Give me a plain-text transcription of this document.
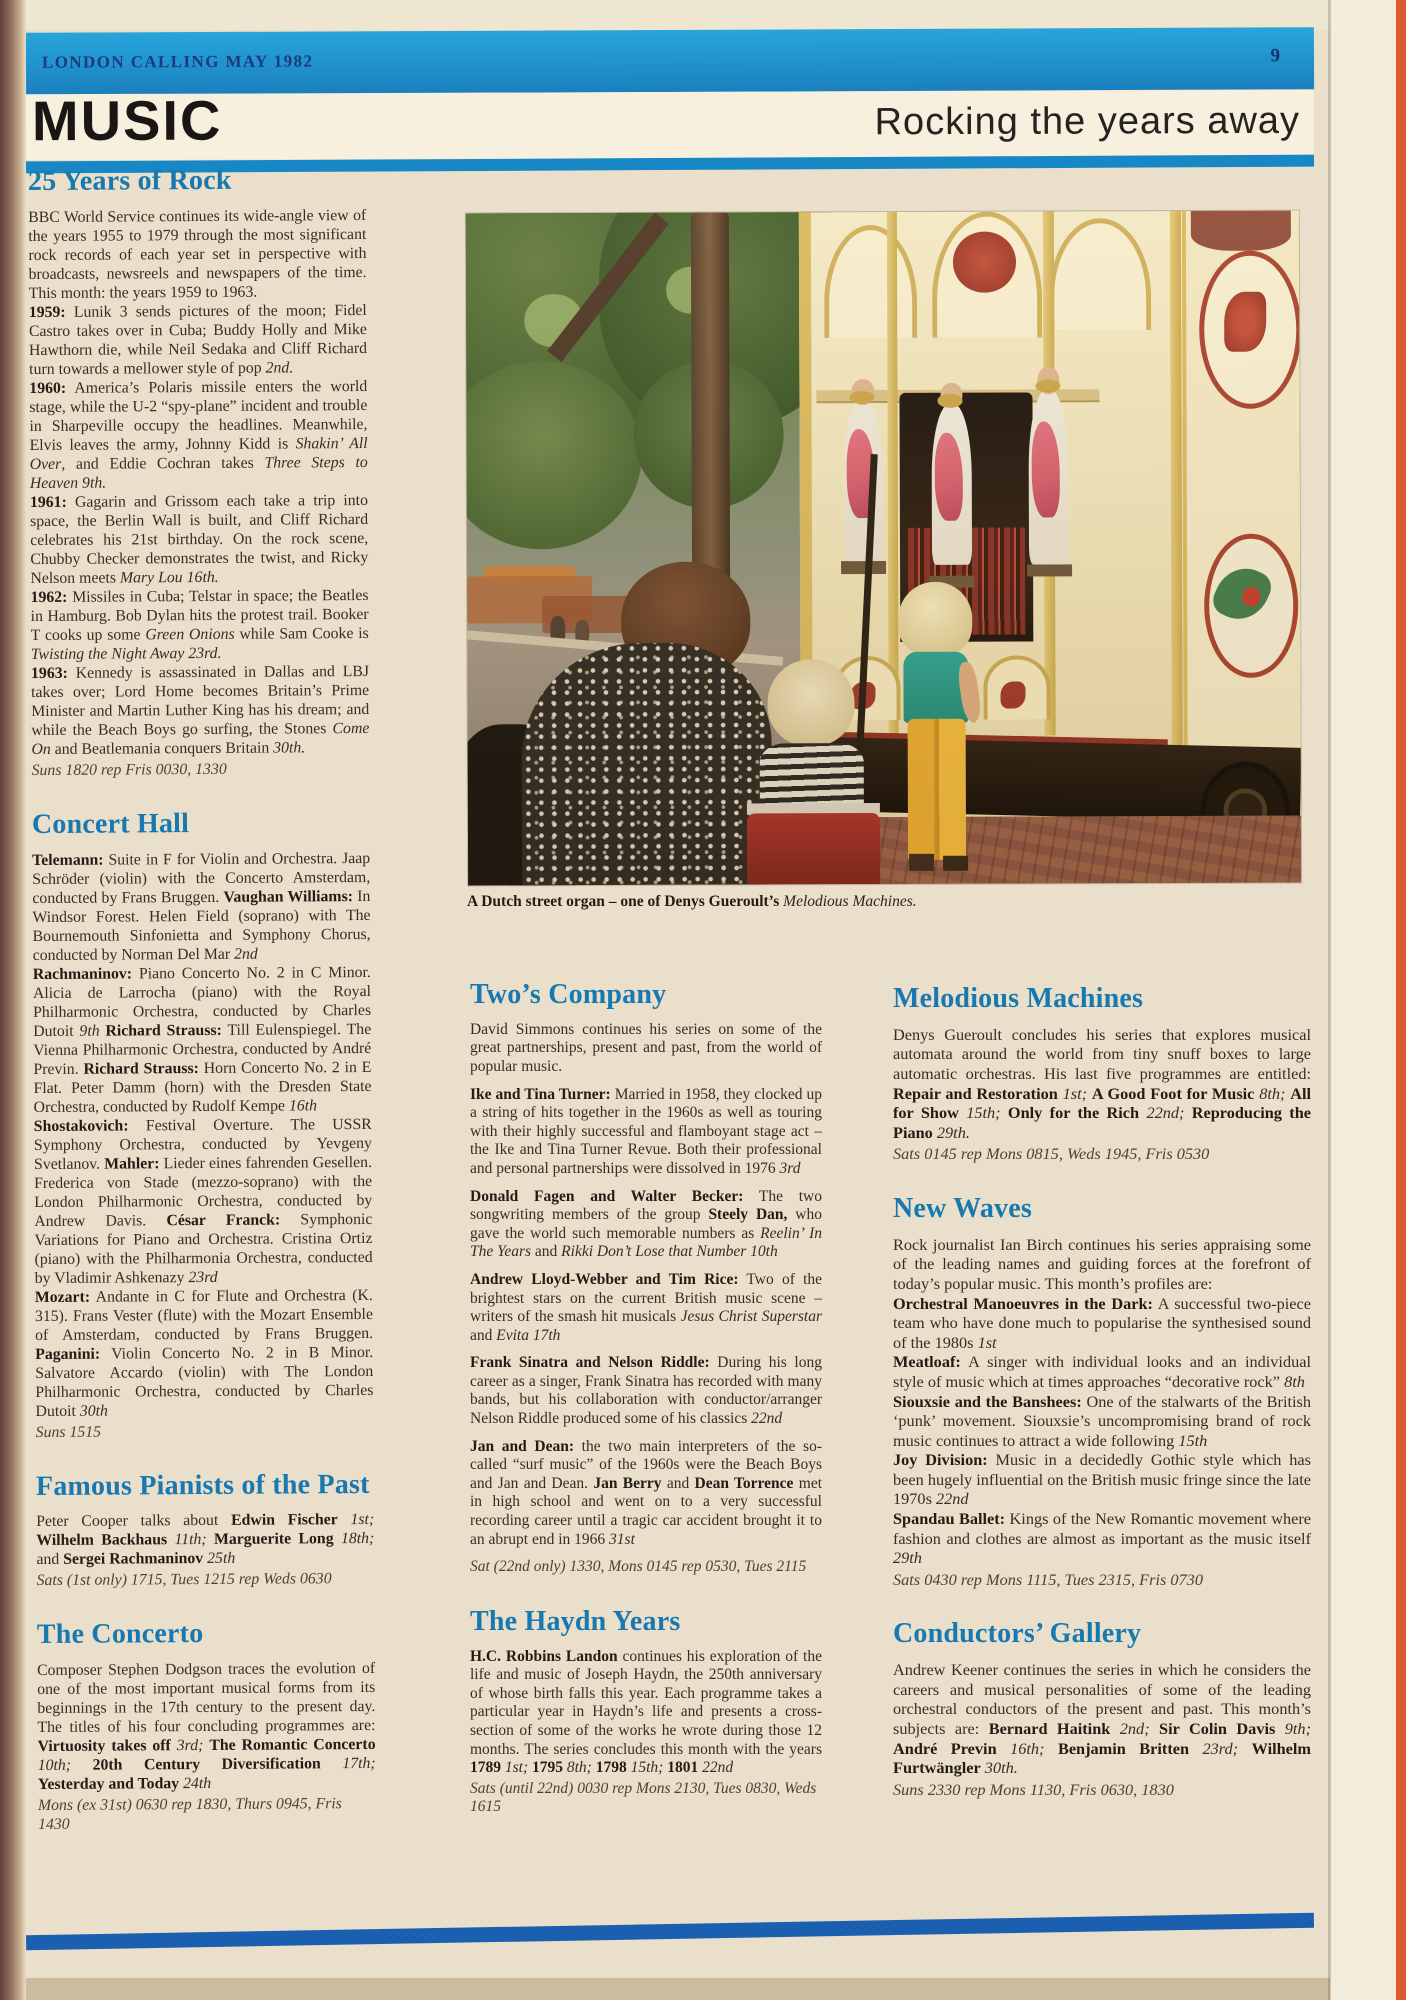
LONDON CALLING MAY 1982	9
MUSIC	Rocking the years away
A Dutch street organ – one of Denys Gueroult’s Melodious Machines.
25 Years of Rock

BBC World Service continues its wide-angle view of the years 1955 to 1979 through the most significant rock records of each year set in perspective with broadcasts, newsreels and newspapers of the time. This month: the years 1959 to 1963.

1959: Lunik 3 sends pictures of the moon; Fidel Castro takes over in Cuba; Buddy Holly and Mike Hawthorn die, while Neil Sedaka and Cliff Richard turn towards a mellower style of pop 2nd.

1960: America’s Polaris missile enters the world stage, while the U-2 “spy-plane” incident and trouble in Sharpeville occupy the headlines. Meanwhile, Elvis leaves the army, Johnny Kidd is Shakin’ All Over, and Eddie Cochran takes Three Steps to Heaven 9th.

1961: Gagarin and Grissom each take a trip into space, the Berlin Wall is built, and Cliff Richard celebrates his 21st birthday. On the rock scene, Chubby Checker demonstrates the twist, and Ricky Nelson meets Mary Lou 16th.

1962: Missiles in Cuba; Telstar in space; the Beatles in Hamburg. Bob Dylan hits the protest trail. Booker T cooks up some Green Onions while Sam Cooke is Twisting the Night Away 23rd.

1963: Kennedy is assassinated in Dallas and LBJ takes over; Lord Home becomes Britain’s Prime Minister and Martin Luther King has his dream; and while the Beach Boys go surfing, the Stones Come On and Beatlemania conquers Britain 30th.

Suns 1820 rep Fris 0030, 1330

Concert Hall

Telemann: Suite in F for Violin and Orchestra. Jaap Schröder (violin) with the Concerto Amsterdam, conducted by Frans Bruggen. Vaughan Williams: In Windsor Forest. Helen Field (soprano) with The Bournemouth Sinfonietta and Symphony Chorus, conducted by Norman Del Mar 2nd

Rachmaninov: Piano Concerto No. 2 in C Minor. Alicia de Larrocha (piano) with the Royal Philharmonic Orchestra, conducted by Charles Dutoit 9th Richard Strauss: Till Eulenspiegel. The Vienna Philharmonic Orchestra, conducted by André Previn. Richard Strauss: Horn Concerto No. 2 in E Flat. Peter Damm (horn) with the Dresden State Orchestra, conducted by Rudolf Kempe 16th

Shostakovich: Festival Overture. The USSR Symphony Orchestra, conducted by Yevgeny Svetlanov. Mahler: Lieder eines fahrenden Gesellen. Frederica von Stade (mezzo-soprano) with the London Philharmonic Orchestra, conducted by Andrew Davis. César Franck: Symphonic Variations for Piano and Orchestra. Cristina Ortiz (piano) with the Philharmonia Orchestra, conducted by Vladimir Ashkenazy 23rd

Mozart: Andante in C for Flute and Orchestra (K. 315). Frans Vester (flute) with the Mozart Ensemble of Amsterdam, conducted by Frans Bruggen. Paganini: Violin Concerto No. 2 in B Minor. Salvatore Accardo (violin) with The London Philharmonic Orchestra, conducted by Charles Dutoit 30th

Suns 1515

Famous Pianists of the Past

Peter Cooper talks about Edwin Fischer 1st; Wilhelm Backhaus 11th; Marguerite Long 18th; and Sergei Rachmaninov 25th

Sats (1st only) 1715, Tues 1215 rep Weds 0630

The Concerto

Composer Stephen Dodgson traces the evolution of one of the most important musical forms from its beginnings in the 17th century to the present day. The titles of his four concluding programmes are: Virtuosity takes off 3rd; The Romantic Concerto 10th; 20th Century Diversification 17th; Yesterday and Today 24th

Mons (ex 31st) 0630 rep 1830, Thurs 0945, Fris 1430

Two’s Company

David Simmons continues his series on some of the great partnerships, present and past, from the world of popular music.

Ike and Tina Turner: Married in 1958, they clocked up a string of hits together in the 1960s as well as touring with their highly successful and flamboyant stage act – the Ike and Tina Turner Revue. Both their professional and personal partnerships were dissolved in 1976 3rd

Donald Fagen and Walter Becker: The two songwriting members of the group Steely Dan, who gave the world such memorable numbers as Reelin’ In The Years and Rikki Don’t Lose that Number 10th

Andrew Lloyd-Webber and Tim Rice: Two of the brightest stars on the current British music scene – writers of the smash hit musicals Jesus Christ Superstar and Evita 17th

Frank Sinatra and Nelson Riddle: During his long career as a singer, Frank Sinatra has recorded with many bands, but his collaboration with conductor/arranger Nelson Riddle produced some of his classics 22nd

Jan and Dean: the two main interpreters of the so-called “surf music” of the 1960s were the Beach Boys and Jan and Dean. Jan Berry and Dean Torrence met in high school and went on to a very successful recording career until a tragic car accident brought it to an abrupt end in 1966 31st

Sat (22nd only) 1330, Mons 0145 rep 0530, Tues 2115

The Haydn Years

H.C. Robbins Landon continues his exploration of the life and music of Joseph Haydn, the 250th anniversary of whose birth falls this year. Each programme takes a particular year in Haydn’s life and presents a cross-section of some of the works he wrote during those 12 months. The series concludes this month with the years 1789 1st; 1795 8th; 1798 15th; 1801 22nd

Sats (until 22nd) 0030 rep Mons 2130, Tues 0830, Weds 1615

Melodious Machines

Denys Gueroult concludes his series that explores musical automata around the world from tiny snuff boxes to large automatic orchestras. His last five programmes are entitled: Repair and Restoration 1st; A Good Foot for Music 8th; All for Show 15th; Only for the Rich 22nd; Reproducing the Piano 29th.

Sats 0145 rep Mons 0815, Weds 1945, Fris 0530

New Waves

Rock journalist Ian Birch continues his series appraising some of the leading names and guiding forces at the forefront of today’s popular music. This month’s profiles are:

Orchestral Manoeuvres in the Dark: A successful two-piece team who have done much to popularise the synthesised sound of the 1980s 1st

Meatloaf: A singer with individual looks and an individual style of music which at times approaches “decorative rock” 8th

Siouxsie and the Banshees: One of the stalwarts of the British ‘punk’ movement. Siouxsie’s uncompromising brand of rock music continues to attract a wide following 15th

Joy Division: Music in a decidedly Gothic style which has been hugely influential on the British music fringe since the late 1970s 22nd

Spandau Ballet: Kings of the New Romantic movement where fashion and clothes are almost as important as the music itself 29th

Sats 0430 rep Mons 1115, Tues 2315, Fris 0730

Conductors’ Gallery

Andrew Keener continues the series in which he considers the careers and musical personalities of some of the leading orchestral conductors of the present and past. This month’s subjects are: Bernard Haitink 2nd; Sir Colin Davis 9th; André Previn 16th; Benjamin Britten 23rd; Wilhelm Furtwängler 30th.

Suns 2330 rep Mons 1130, Fris 0630, 1830
